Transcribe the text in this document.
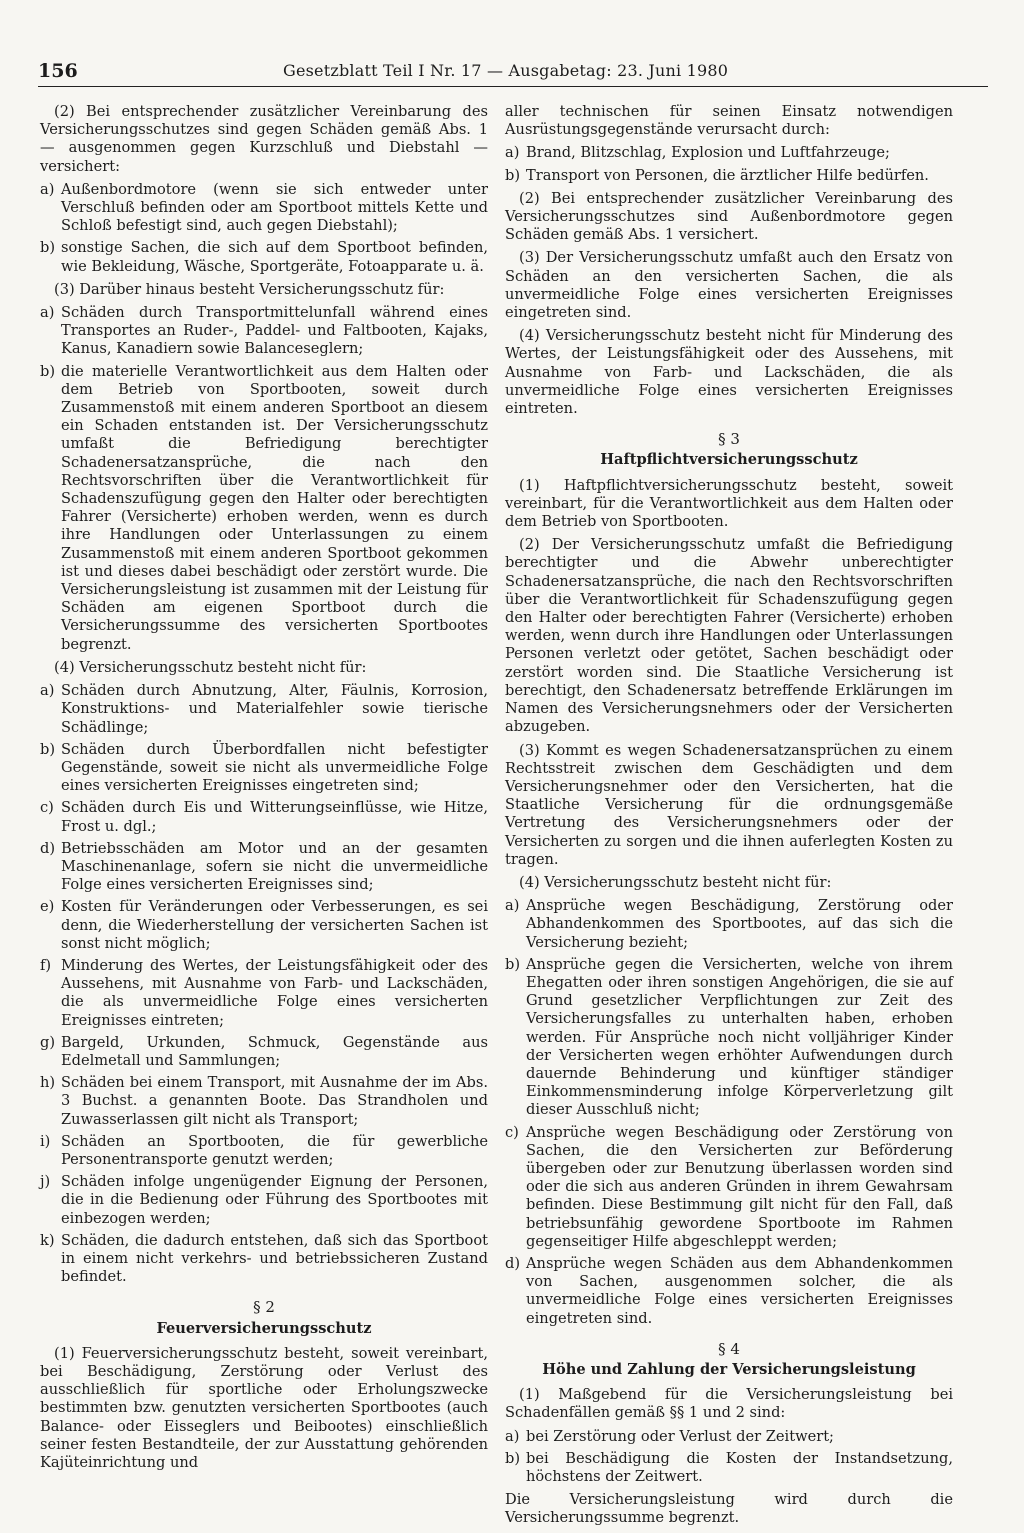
156	Gesetzblatt Teil I Nr. 17 — Ausgabetag: 23. Juni 1980

(2) Bei entsprechender zusätzlicher Vereinbarung des Versicherungsschutzes sind gegen Schäden gemäß Abs. 1 — ausgenommen gegen Kurzschluß und Diebstahl — versichert:

a) Außenbordmotore (wenn sie sich entweder unter Verschluß befinden oder am Sportboot mittels Kette und Schloß befestigt sind, auch gegen Diebstahl);
b) sonstige Sachen, die sich auf dem Sportboot befinden, wie Bekleidung, Wäsche, Sportgeräte, Fotoapparate u. ä.

(3) Darüber hinaus besteht Versicherungsschutz für:

a) Schäden durch Transportmittelunfall während eines Transportes an Ruder-, Paddel- und Faltbooten, Kajaks, Kanus, Kanadiern sowie Balanceseglern;
b) die materielle Verantwortlichkeit aus dem Halten oder dem Betrieb von Sportbooten, soweit durch Zusammenstoß mit einem anderen Sportboot an diesem ein Schaden entstanden ist. Der Versicherungsschutz umfaßt die Befriedigung berechtigter Schadenersatzansprüche, die nach den Rechtsvorschriften über die Verantwortlichkeit für Schadenszufügung gegen den Halter oder berechtigten Fahrer (Versicherte) erhoben werden, wenn es durch ihre Handlungen oder Unterlassungen zu einem Zusammenstoß mit einem anderen Sportboot gekommen ist und dieses dabei beschädigt oder zerstört wurde. Die Versicherungsleistung ist zusammen mit der Leistung für Schäden am eigenen Sportboot durch die Versicherungssumme des versicherten Sportbootes begrenzt.

(4) Versicherungsschutz besteht nicht für:

a) Schäden durch Abnutzung, Alter, Fäulnis, Korrosion, Konstruktions- und Materialfehler sowie tierische Schädlinge;
b) Schäden durch Überbordfallen nicht befestigter Gegenstände, soweit sie nicht als unvermeidliche Folge eines versicherten Ereignisses eingetreten sind;
c) Schäden durch Eis und Witterungseinflüsse, wie Hitze, Frost u. dgl.;
d) Betriebsschäden am Motor und an der gesamten Maschinenanlage, sofern sie nicht die unvermeidliche Folge eines versicherten Ereignisses sind;
e) Kosten für Veränderungen oder Verbesserungen, es sei denn, die Wiederherstellung der versicherten Sachen ist sonst nicht möglich;
f) Minderung des Wertes, der Leistungsfähigkeit oder des Aussehens, mit Ausnahme von Farb- und Lackschäden, die als unvermeidliche Folge eines versicherten Ereignisses eintreten;
g) Bargeld, Urkunden, Schmuck, Gegenstände aus Edelmetall und Sammlungen;
h) Schäden bei einem Transport, mit Ausnahme der im Abs. 3 Buchst. a genannten Boote. Das Strandholen und Zuwasserlassen gilt nicht als Transport;
i) Schäden an Sportbooten, die für gewerbliche Personentransporte genutzt werden;
j) Schäden infolge ungenügender Eignung der Personen, die in die Bedienung oder Führung des Sportbootes mit einbezogen werden;
k) Schäden, die dadurch entstehen, daß sich das Sportboot in einem nicht verkehrs- und betriebssicheren Zustand befindet.
§ 2
Feuerversicherungsschutz

(1) Feuerversicherungsschutz besteht, soweit vereinbart, bei Beschädigung, Zerstörung oder Verlust des ausschließlich für sportliche oder Erholungszwecke bestimmten bzw. genutzten versicherten Sportbootes (auch Balance- oder Eisseglers und Beibootes) einschließlich seiner festen Bestandteile, der zur Ausstattung gehörenden Kajüteinrichtung und

aller technischen für seinen Einsatz notwendigen Ausrüstungsgegenstände verursacht durch:

a) Brand, Blitzschlag, Explosion und Luftfahrzeuge;
b) Transport von Personen, die ärztlicher Hilfe bedürfen.

(2) Bei entsprechender zusätzlicher Vereinbarung des Versicherungsschutzes sind Außenbordmotore gegen Schäden gemäß Abs. 1 versichert.

(3) Der Versicherungsschutz umfaßt auch den Ersatz von Schäden an den versicherten Sachen, die als unvermeidliche Folge eines versicherten Ereignisses eingetreten sind.

(4) Versicherungsschutz besteht nicht für Minderung des Wertes, der Leistungsfähigkeit oder des Aussehens, mit Ausnahme von Farb- und Lackschäden, die als unvermeidliche Folge eines versicherten Ereignisses eintreten.

§ 3
Haftpflichtversicherungsschutz

(1) Haftpflichtversicherungsschutz besteht, soweit vereinbart, für die Verantwortlichkeit aus dem Halten oder dem Betrieb von Sportbooten.

(2) Der Versicherungsschutz umfaßt die Befriedigung berechtigter und die Abwehr unberechtigter Schadenersatzansprüche, die nach den Rechtsvorschriften über die Verantwortlichkeit für Schadenszufügung gegen den Halter oder berechtigten Fahrer (Versicherte) erhoben werden, wenn durch ihre Handlungen oder Unterlassungen Personen verletzt oder getötet, Sachen beschädigt oder zerstört worden sind. Die Staatliche Versicherung ist berechtigt, den Schadenersatz betreffende Erklärungen im Namen des Versicherungsnehmers oder der Versicherten abzugeben.

(3) Kommt es wegen Schadenersatzansprüchen zu einem Rechtsstreit zwischen dem Geschädigten und dem Versicherungsnehmer oder den Versicherten, hat die Staatliche Versicherung für die ordnungsgemäße Vertretung des Versicherungsnehmers oder der Versicherten zu sorgen und die ihnen auferlegten Kosten zu tragen.

(4) Versicherungsschutz besteht nicht für:

a) Ansprüche wegen Beschädigung, Zerstörung oder Abhandenkommen des Sportbootes, auf das sich die Versicherung bezieht;
b) Ansprüche gegen die Versicherten, welche von ihrem Ehegatten oder ihren sonstigen Angehörigen, die sie auf Grund gesetzlicher Verpflichtungen zur Zeit des Versicherungsfalles zu unterhalten haben, erhoben werden. Für Ansprüche noch nicht volljähriger Kinder der Versicherten wegen erhöhter Aufwendungen durch dauernde Behinderung und künftiger ständiger Einkommensminderung infolge Körperverletzung gilt dieser Ausschluß nicht;
c) Ansprüche wegen Beschädigung oder Zerstörung von Sachen, die den Versicherten zur Beförderung übergeben oder zur Benutzung überlassen worden sind oder die sich aus anderen Gründen in ihrem Gewahrsam befinden. Diese Bestimmung gilt nicht für den Fall, daß betriebsunfähig gewordene Sportboote im Rahmen gegenseitiger Hilfe abgeschleppt werden;
d) Ansprüche wegen Schäden aus dem Abhandenkommen von Sachen, ausgenommen solcher, die als unvermeidliche Folge eines versicherten Ereignisses eingetreten sind.
§ 4
Höhe und Zahlung der Versicherungsleistung

(1) Maßgebend für die Versicherungsleistung bei Schadenfällen gemäß §§ 1 und 2 sind:

a) bei Zerstörung oder Verlust der Zeitwert;
b) bei Beschädigung die Kosten der Instandsetzung, höchstens der Zeitwert.

Die Versicherungsleistung wird durch die Versicherungssumme begrenzt.
